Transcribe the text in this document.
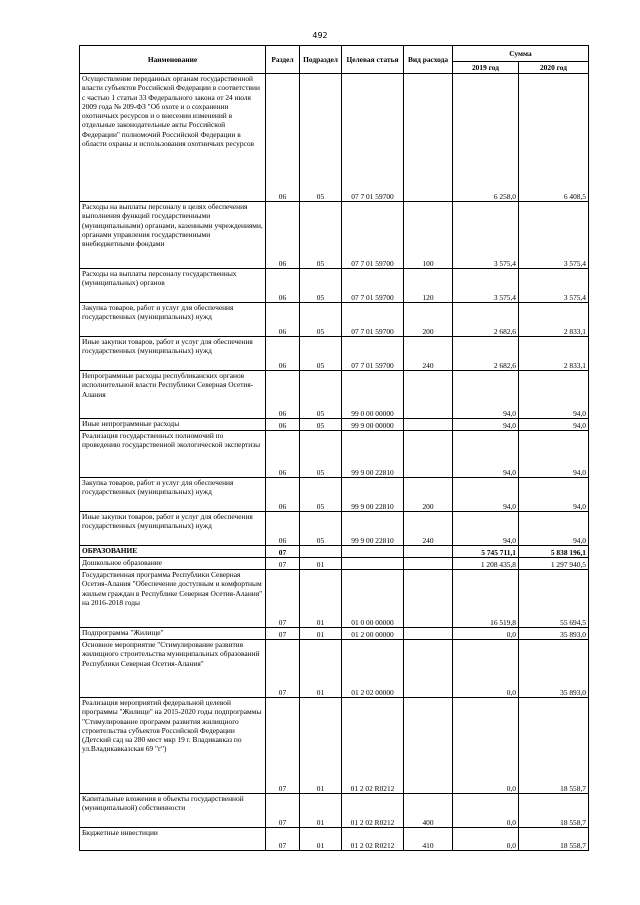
492
Наименование	Раздел	Подраздел	Целевая статья	Вид расхода	Сумма	
					2019 год	2020 год
Осуществление переданных органам государственной власти субъектов Российской Федерации в соответствии с частью 1 статьи 33 Федерального закона от 24 июля 2009 года № 209-ФЗ "Об охоте и о сохранении охотничьих ресурсов и о внесении изменений в отдельные законодательные акты Российской Федерации" полномочий Российской Федерации в области охраны и использования охотничьих ресурсов	06	05	07 7 01 59700		6 258,0	6 408,5
Расходы на выплаты персоналу в целях обеспечения выполнения функций государственными (муниципальными) органами, казенными учреждениями, органами управления государственными внебюджетными фондами	06	05	07 7 01 59700	100	3 575,4	3 575,4
Расходы на выплаты персоналу государственных (муниципальных) органов	06	05	07 7 01 59700	120	3 575,4	3 575,4
Закупка товаров, работ и услуг для обеспечения государственных (муниципальных) нужд	06	05	07 7 01 59700	200	2 682,6	2 833,1
Иные закупки товаров, работ и услуг для обеспечения государственных (муниципальных) нужд	06	05	07 7 01 59700	240	2 682,6	2 833,1
Непрограммные расходы республиканских органов исполнительной власти Республики Северная Осетия-Алания	06	05	99 0 00 00000		94,0	94,0
Иные непрограммные расходы	06	05	99 9 00 00000		94,0	94,0
Реализация государственных полномочий по проведению государственной экологической экспертизы	06	05	99 9 00 22810		94,0	94,0
Закупка товаров, работ и услуг для обеспечения государственных (муниципальных) нужд	06	05	99 9 00 22810	200	94,0	94,0
Иные закупки товаров, работ и услуг для обеспечения государственных (муниципальных) нужд	06	05	99 9 00 22810	240	94,0	94,0
ОБРАЗОВАНИЕ	07				5 745 711,1	5 838 196,1
Дошкольное образование	07	01			1 208 435,8	1 297 940,5
Государственная программа Республики Северная Осетия-Алания "Обеспечение доступным и комфортным жильем граждан в Республике Северная Осетия-Алания" на 2016-2018 годы	07	01	01 0 00 00000		16 519,8	55 694,5
Подпрограмма "Жилище"	07	01	01 2 00 00000		0,0	35 893,0
Основное мероприятие "Стимулирование развития жилищного строительства муниципальных образований Республики Северная Осетия-Алания"	07	01	01 2 02 00000		0,0	35 893,0
Реализация мероприятий федеральной целевой программы "Жилище" на 2015-2020 годы подпрограммы "Стимулирование программ развития жилищного строительства субъектов Российской Федерации (Детский сад на 280 мест мкр 19 г. Владикавказ по ул.Владикавказская 69 "г")	07	01	01 2 02 R0212		0,0	18 558,7
Капитальные вложения в объекты государственной (муниципальной) собственности	07	01	01 2 02 R0212	400	0,0	18 558,7
Бюджетные инвестиции	07	01	01 2 02 R0212	410	0,0	18 558,7
